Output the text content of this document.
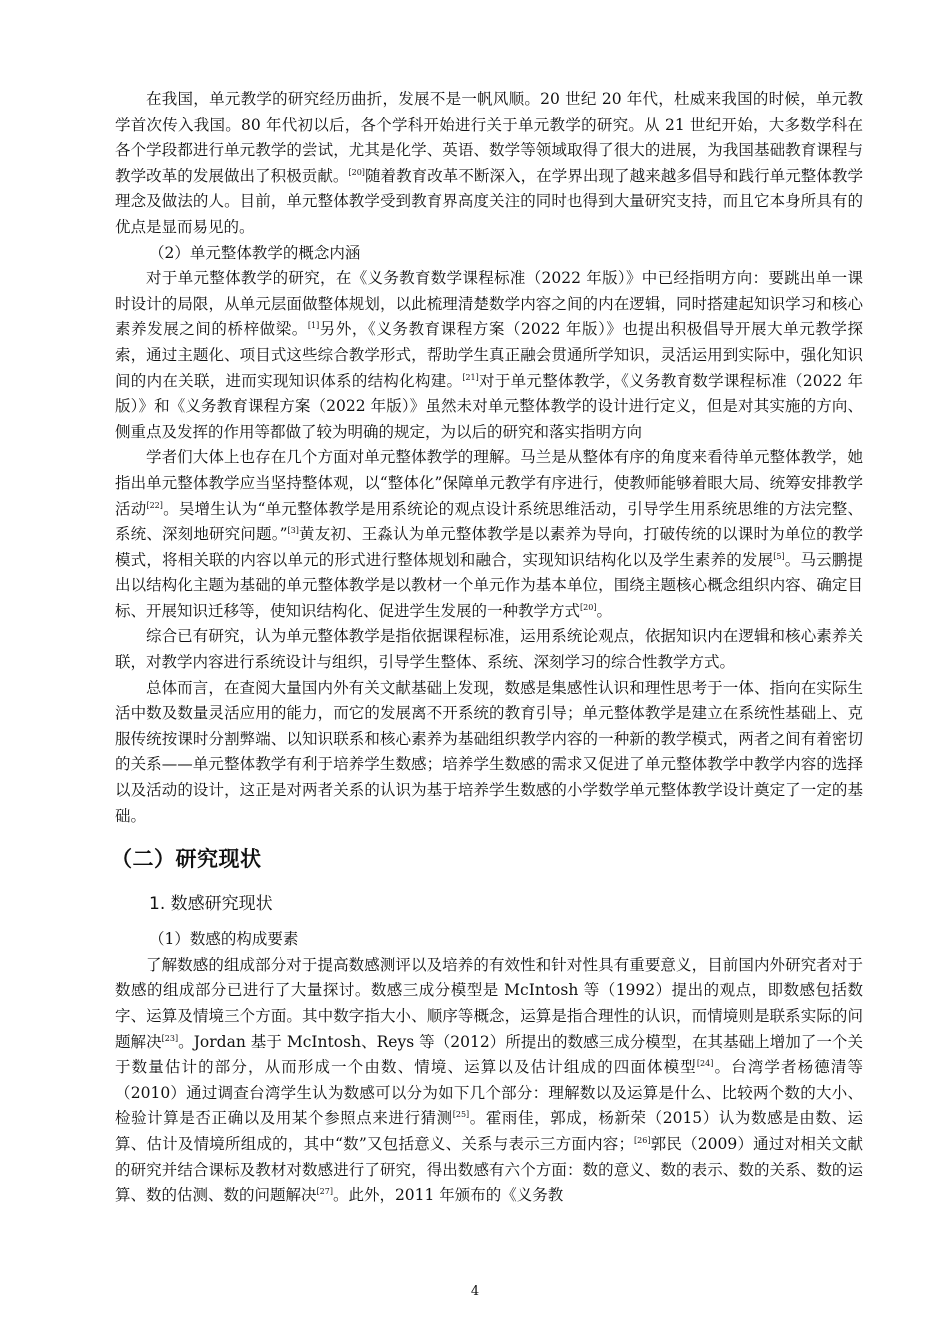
在我国，单元教学的研究经历曲折，发展不是一帆风顺。20 世纪 20 年代，杜威来我国的时候，单元教学首次传入我国。80 年代初以后，各个学科开始进行关于单元教学的研究。从 21 世纪开始，大多数学科在各个学段都进行单元教学的尝试，尤其是化学、英语、数学等领域取得了很大的进展，为我国基础教育课程与教学改革的发展做出了积极贡献。[20]随着教育改革不断深入，在学界出现了越来越多倡导和践行单元整体教学理念及做法的人。目前，单元整体教学受到教育界高度关注的同时也得到大量研究支持，而且它本身所具有的优点是显而易见的。

（2）单元整体教学的概念内涵

对于单元整体教学的研究，在《义务教育数学课程标准（2022 年版）》中已经指明方向：要跳出单一课时设计的局限，从单元层面做整体规划，以此梳理清楚数学内容之间的内在逻辑，同时搭建起知识学习和核心素养发展之间的桥梓做梁。[1]另外，《义务教育课程方案（2022 年版）》也提出积极倡导开展大单元教学探索，通过主题化、项目式这些综合教学形式，帮助学生真正融会贯通所学知识，灵活运用到实际中，强化知识间的内在关联，进而实现知识体系的结构化构建。[21]对于单元整体教学，《义务教育数学课程标准（2022 年版）》和《义务教育课程方案（2022 年版）》虽然未对单元整体教学的设计进行定义，但是对其实施的方向、侧重点及发挥的作用等都做了较为明确的规定，为以后的研究和落实指明方向

学者们大体上也存在几个方面对单元整体教学的理解。马兰是从整体有序的角度来看待单元整体教学，她指出单元整体教学应当坚持整体观，以“整体化”保障单元教学有序进行，使教师能够着眼大局、统筹安排教学活动[22]。吴增生认为“单元整体教学是用系统论的观点设计系统思维活动，引导学生用系统思维的方法完整、系统、深刻地研究问题。”[3]黄友初、王淼认为单元整体教学是以素养为导向，打破传统的以课时为单位的教学模式，将相关联的内容以单元的形式进行整体规划和融合，实现知识结构化以及学生素养的发展[5]。马云鹏提出以结构化主题为基础的单元整体教学是以教材一个单元作为基本单位，围绕主题核心概念组织内容、确定目标、开展知识迁移等，使知识结构化、促进学生发展的一种教学方式[20]。

综合已有研究，认为单元整体教学是指依据课程标准，运用系统论观点，依据知识内在逻辑和核心素养关联，对教学内容进行系统设计与组织，引导学生整体、系统、深刻学习的综合性教学方式。

总体而言，在查阅大量国内外有关文献基础上发现，数感是集感性认识和理性思考于一体、指向在实际生活中数及数量灵活应用的能力，而它的发展离不开系统的教育引导；单元整体教学是建立在系统性基础上、克服传统按课时分割弊端、以知识联系和核心素养为基础组织教学内容的一种新的教学模式，两者之间有着密切的关系——单元整体教学有利于培养学生数感；培养学生数感的需求又促进了单元整体教学中教学内容的选择以及活动的设计，这正是对两者关系的认识为基于培养学生数感的小学数学单元整体教学设计奠定了一定的基础。

（二）研究现状
1. 数感研究现状

（1）数感的构成要素

了解数感的组成部分对于提高数感测评以及培养的有效性和针对性具有重要意义，目前国内外研究者对于数感的组成部分已进行了大量探讨。数感三成分模型是 McIntosh 等（1992）提出的观点，即数感包括数字、运算及情境三个方面。其中数字指大小、顺序等概念，运算是指合理性的认识，而情境则是联系实际的问题解决[23]。Jordan 基于 McIntosh、Reys 等（2012）所提出的数感三成分模型，在其基础上增加了一个关于数量估计的部分，从而形成一个由数、情境、运算以及估计组成的四面体模型[24]。台湾学者杨德清等（2010）通过调查台湾学生认为数感可以分为如下几个部分：理解数以及运算是什么、比较两个数的大小、检验计算是否正确以及用某个参照点来进行猜测[25]。霍雨佳，郭成，杨新荣（2015）认为数感是由数、运算、估计及情境所组成的，其中“数”又包括意义、关系与表示三方面内容；[26]郭民（2009）通过对相关文献的研究并结合课标及教材对数感进行了研究，得出数感有六个方面：数的意义、数的表示、数的关系、数的运算、数的估测、数的问题解决[27]。此外，2011 年颁布的《义务教

4
